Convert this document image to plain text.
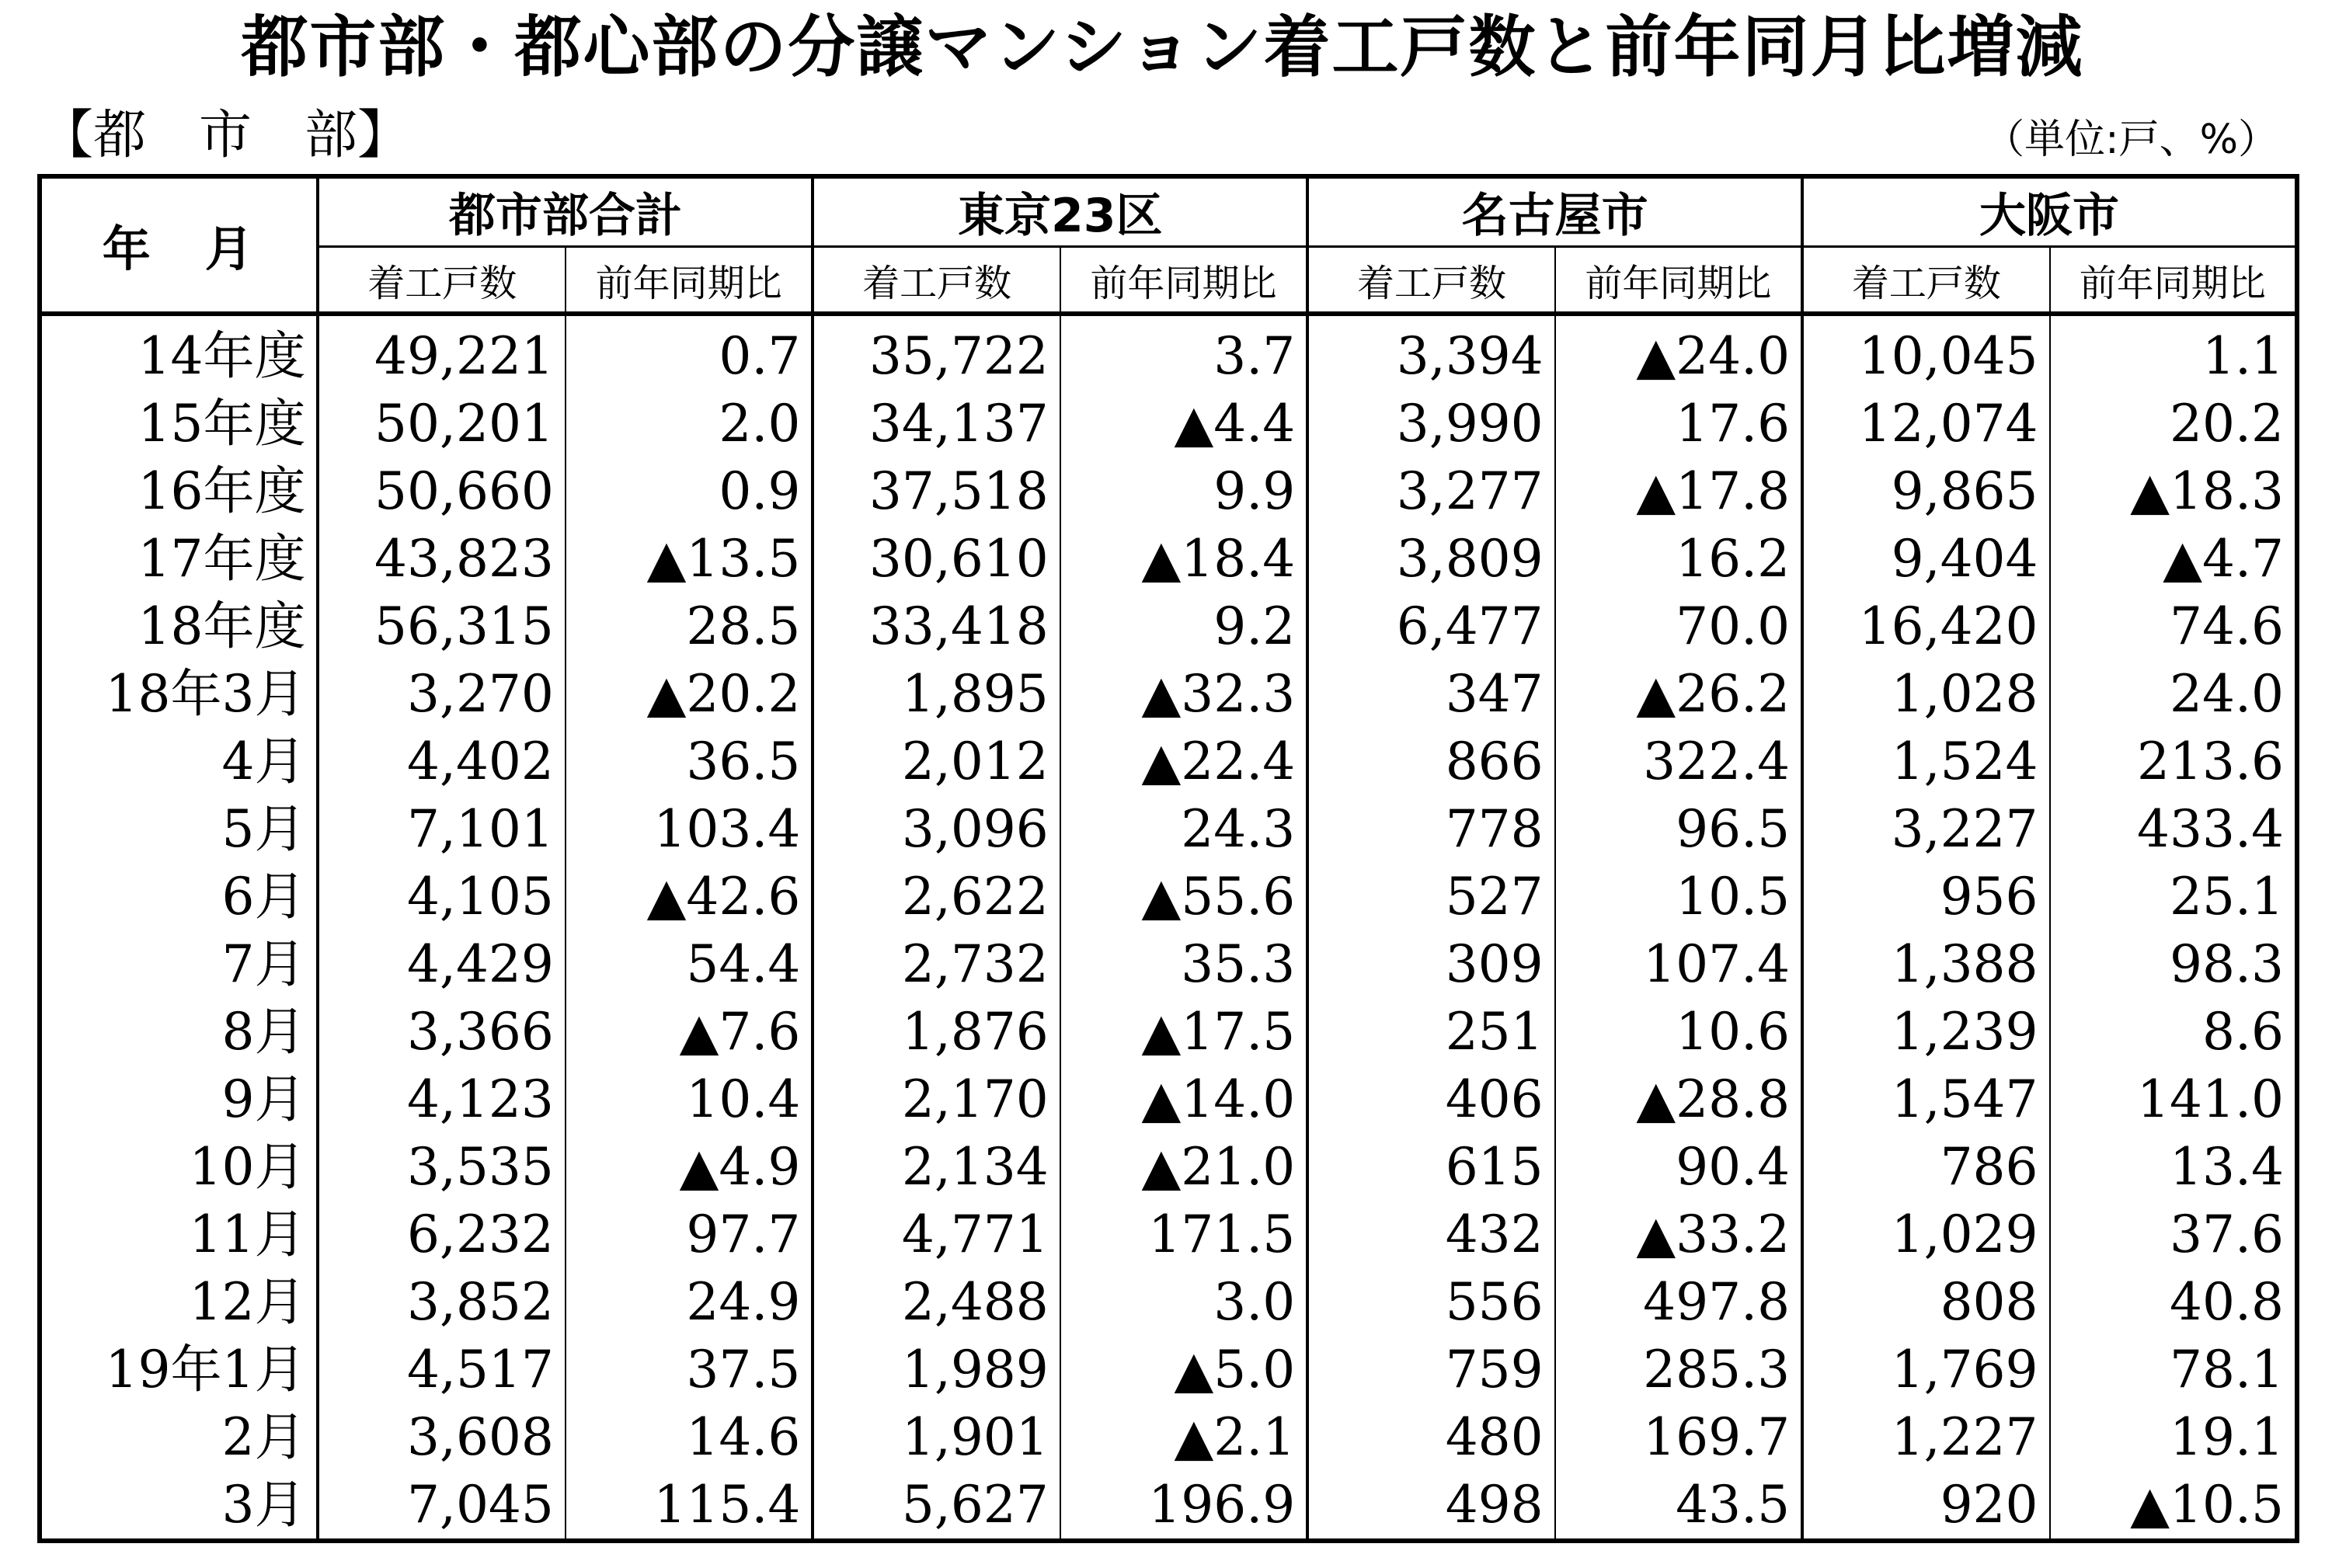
都市部・都心部の分譲マンション着工戸数と前年同月比増減
【都　市　部】	（単位:戸、%）
年　月	都市部合計		東京23区		名古屋市		大阪市	
	着工戸数	前年同期比	着工戸数	前年同期比	着工戸数	前年同期比	着工戸数	前年同期比
14年度	49,221	0.7	35,722	3.7	3,394	▲24.0	10,045	1.1
15年度	50,201	2.0	34,137	▲4.4	3,990	17.6	12,074	20.2
16年度	50,660	0.9	37,518	9.9	3,277	▲17.8	9,865	▲18.3
17年度	43,823	▲13.5	30,610	▲18.4	3,809	16.2	9,404	▲4.7
18年度	56,315	28.5	33,418	9.2	6,477	70.0	16,420	74.6
18年3月	3,270	▲20.2	1,895	▲32.3	347	▲26.2	1,028	24.0
4月	4,402	36.5	2,012	▲22.4	866	322.4	1,524	213.6
5月	7,101	103.4	3,096	24.3	778	96.5	3,227	433.4
6月	4,105	▲42.6	2,622	▲55.6	527	10.5	956	25.1
7月	4,429	54.4	2,732	35.3	309	107.4	1,388	98.3
8月	3,366	▲7.6	1,876	▲17.5	251	10.6	1,239	8.6
9月	4,123	10.4	2,170	▲14.0	406	▲28.8	1,547	141.0
10月	3,535	▲4.9	2,134	▲21.0	615	90.4	786	13.4
11月	6,232	97.7	4,771	171.5	432	▲33.2	1,029	37.6
12月	3,852	24.9	2,488	3.0	556	497.8	808	40.8
19年1月	4,517	37.5	1,989	▲5.0	759	285.3	1,769	78.1
2月	3,608	14.6	1,901	▲2.1	480	169.7	1,227	19.1
3月	7,045	115.4	5,627	196.9	498	43.5	920	▲10.5
